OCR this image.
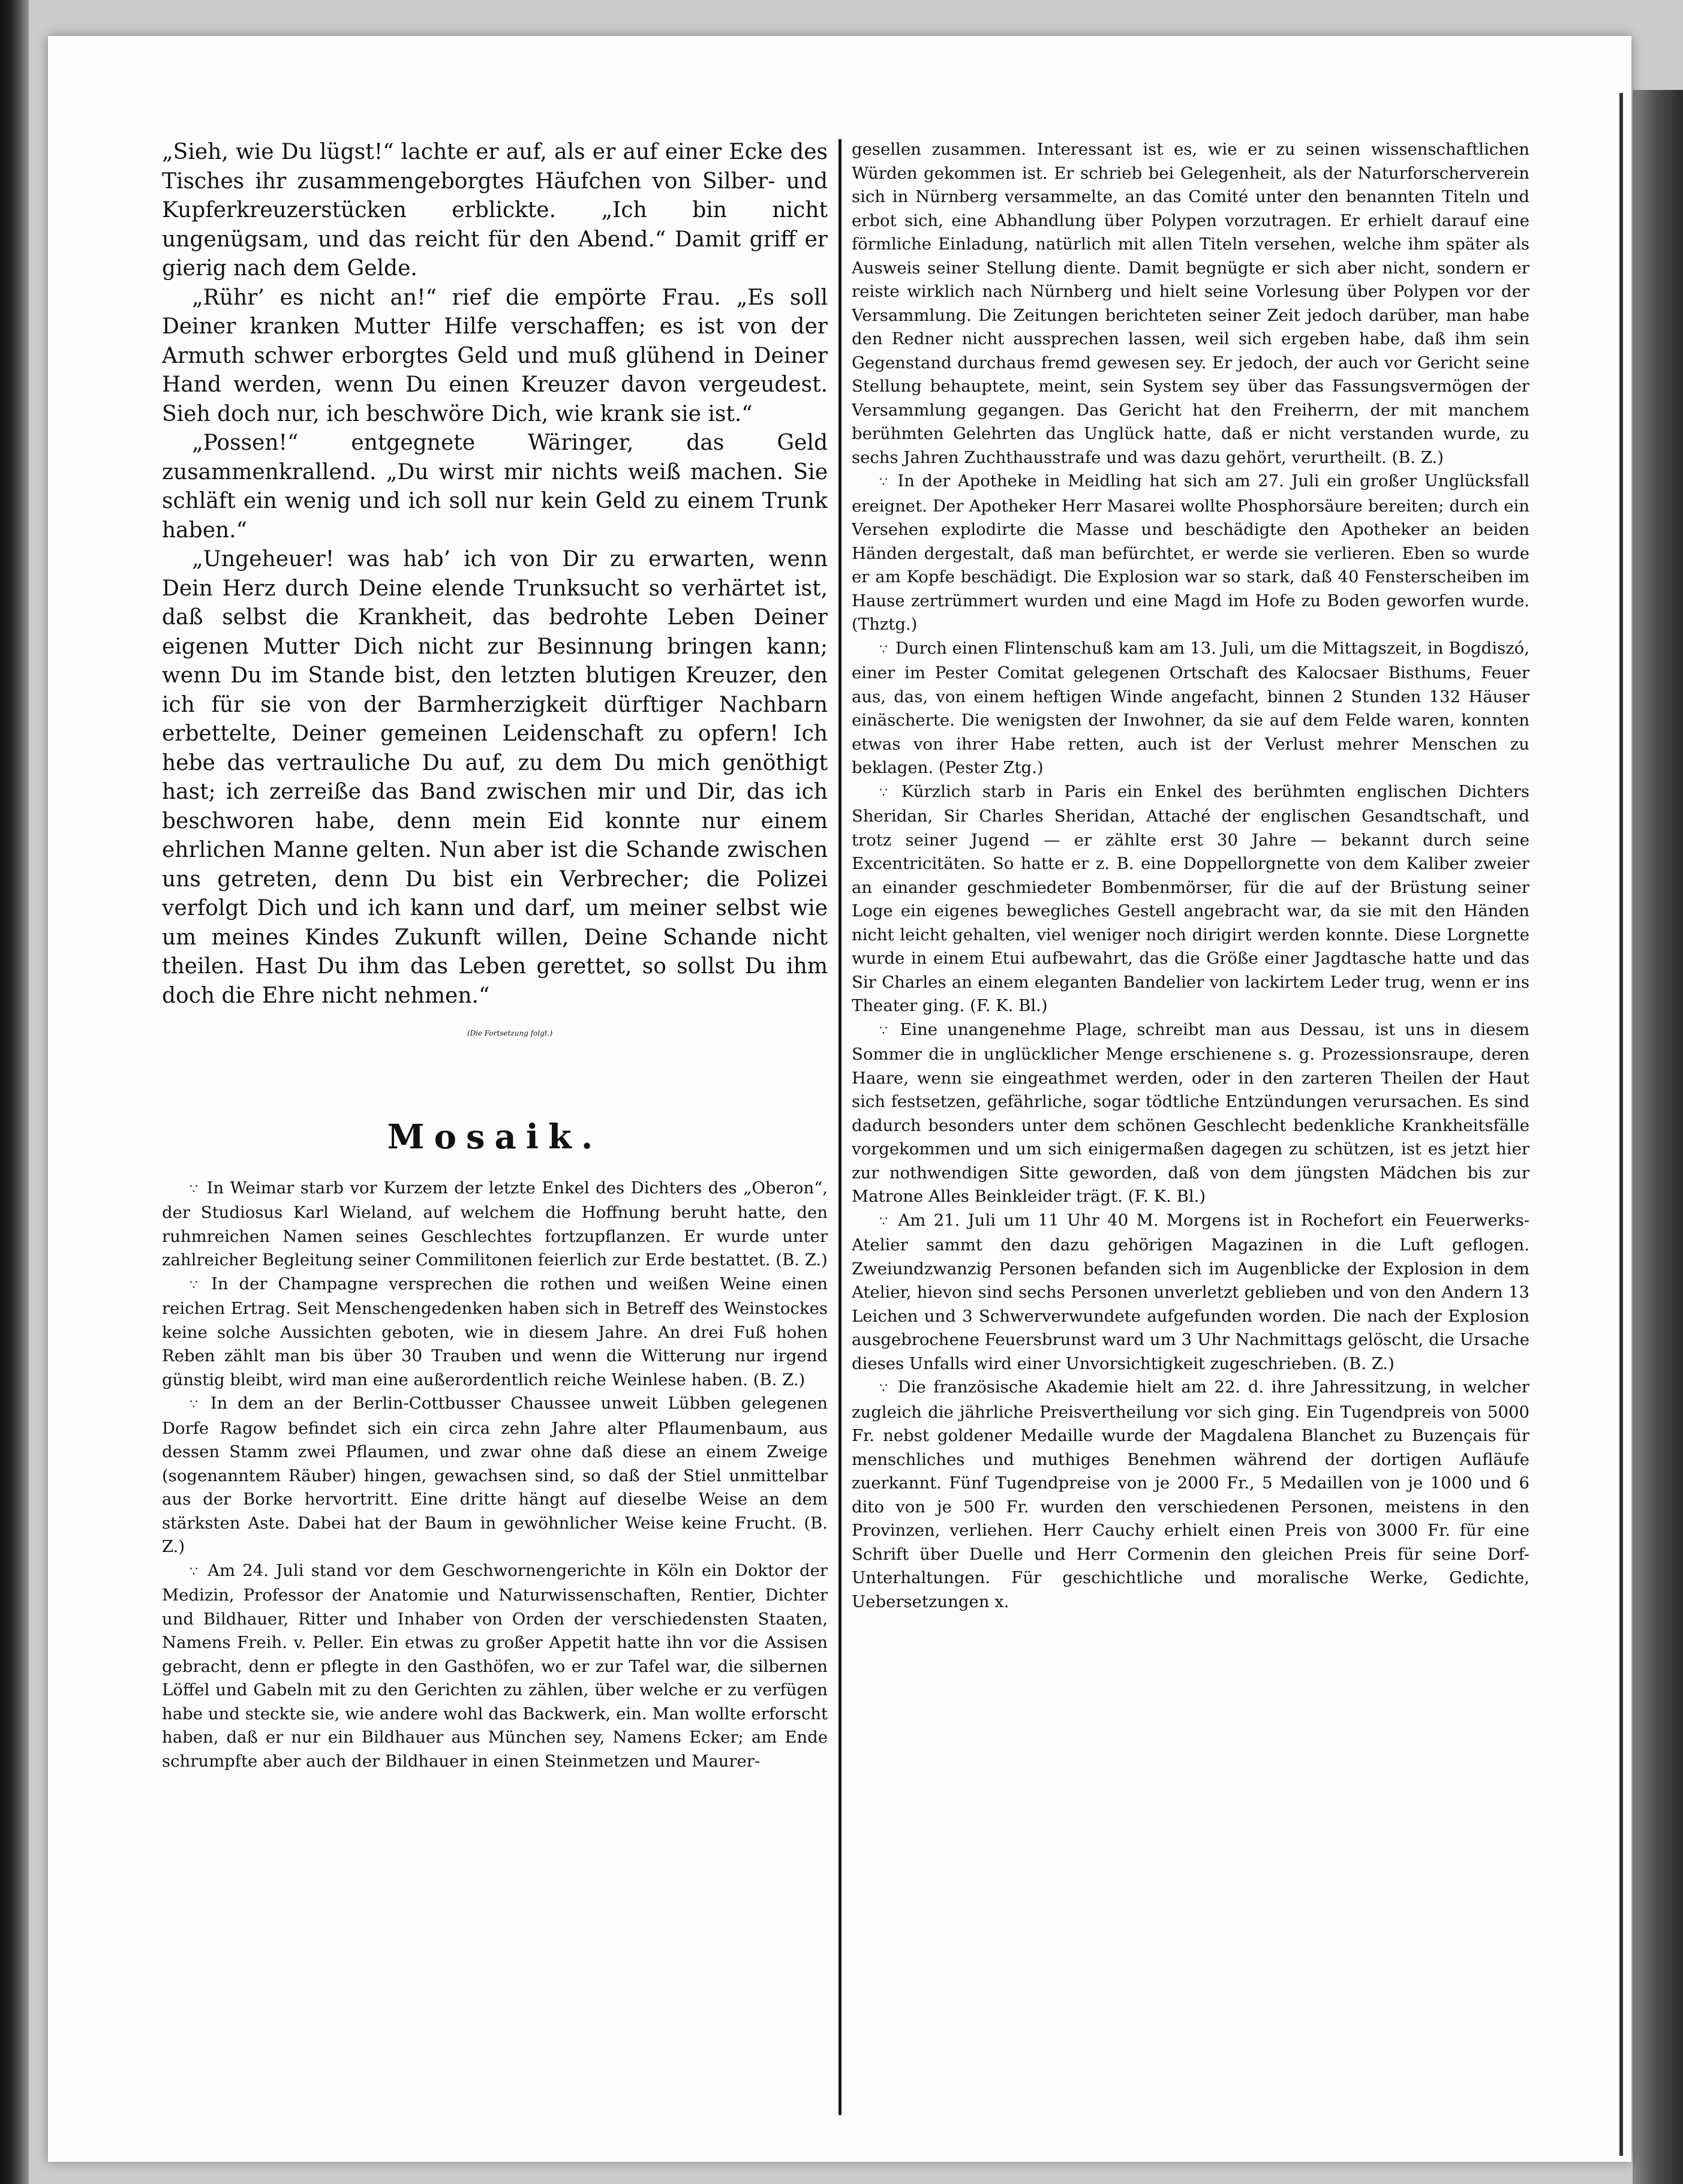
„Sieh, wie Du lügst!“ lachte er auf, als er auf einer Ecke des Tisches ihr zusammengeborgtes Häufchen von Silber- und Kupferkreuzerstücken erblickte. „Ich bin nicht ungenügsam, und das reicht für den Abend.“ Damit griff er gierig nach dem Gelde.

„Rühr’ es nicht an!“ rief die empörte Frau. „Es soll Deiner kranken Mutter Hilfe verschaffen; es ist von der Armuth schwer erborgtes Geld und muß glühend in Deiner Hand werden, wenn Du einen Kreuzer davon vergeudest. Sieh doch nur, ich beschwöre Dich, wie krank sie ist.“

„Possen!“ entgegnete Wäringer, das Geld zusammenkrallend. „Du wirst mir nichts weiß machen. Sie schläft ein wenig und ich soll nur kein Geld zu einem Trunk haben.“

„Ungeheuer! was hab’ ich von Dir zu erwarten, wenn Dein Herz durch Deine elende Trunksucht so verhärtet ist, daß selbst die Krankheit, das bedrohte Leben Deiner eigenen Mutter Dich nicht zur Besinnung bringen kann; wenn Du im Stande bist, den letzten blutigen Kreuzer, den ich für sie von der Barmherzigkeit dürftiger Nachbarn erbettelte, Deiner gemeinen Leidenschaft zu opfern! Ich hebe das vertrauliche Du auf, zu dem Du mich genöthigt hast; ich zerreiße das Band zwischen mir und Dir, das ich beschworen habe, denn mein Eid konnte nur einem ehrlichen Manne gelten. Nun aber ist die Schande zwischen uns getreten, denn Du bist ein Verbrecher; die Polizei verfolgt Dich und ich kann und darf, um meiner selbst wie um meines Kindes Zukunft willen, Deine Schande nicht theilen. Hast Du ihm das Leben gerettet, so sollst Du ihm doch die Ehre nicht nehmen.“

(Die Fortsetzung folgt.)

Mosaik.

∵ In Weimar starb vor Kurzem der letzte Enkel des Dichters des „Oberon“, der Studiosus Karl Wieland, auf welchem die Hoffnung beruht hatte, den ruhmreichen Namen seines Geschlechtes fortzupflanzen. Er wurde unter zahlreicher Begleitung seiner Commilitonen feierlich zur Erde bestattet. (B. Z.)

∵ In der Champagne versprechen die rothen und weißen Weine einen reichen Ertrag. Seit Menschengedenken haben sich in Betreff des Weinstockes keine solche Aussichten geboten, wie in diesem Jahre. An drei Fuß hohen Reben zählt man bis über 30 Trauben und wenn die Witterung nur irgend günstig bleibt, wird man eine außerordentlich reiche Weinlese haben. (B. Z.)

∵ In dem an der Berlin-Cottbusser Chaussee unweit Lübben gelegenen Dorfe Ragow befindet sich ein circa zehn Jahre alter Pflaumenbaum, aus dessen Stamm zwei Pflaumen, und zwar ohne daß diese an einem Zweige (sogenanntem Räuber) hingen, gewachsen sind, so daß der Stiel unmittelbar aus der Borke hervortritt. Eine dritte hängt auf dieselbe Weise an dem stärksten Aste. Dabei hat der Baum in gewöhnlicher Weise keine Frucht. (B. Z.)

∵ Am 24. Juli stand vor dem Geschwornengerichte in Köln ein Doktor der Medizin, Professor der Anatomie und Naturwissenschaften, Rentier, Dichter und Bildhauer, Ritter und Inhaber von Orden der verschiedensten Staaten, Namens Freih. v. Peller. Ein etwas zu großer Appetit hatte ihn vor die Assisen gebracht, denn er pflegte in den Gasthöfen, wo er zur Tafel war, die silbernen Löffel und Gabeln mit zu den Gerichten zu zählen, über welche er zu verfügen habe und steckte sie, wie andere wohl das Backwerk, ein. Man wollte erforscht haben, daß er nur ein Bildhauer aus München sey, Namens Ecker; am Ende schrumpfte aber auch der Bildhauer in einen Steinmetzen und Maurer-

gesellen zusammen. Interessant ist es, wie er zu seinen wissenschaftlichen Würden gekommen ist. Er schrieb bei Gelegenheit, als der Naturforscherverein sich in Nürnberg versammelte, an das Comité unter den benannten Titeln und erbot sich, eine Abhandlung über Polypen vorzutragen. Er erhielt darauf eine förmliche Einladung, natürlich mit allen Titeln versehen, welche ihm später als Ausweis seiner Stellung diente. Damit begnügte er sich aber nicht, sondern er reiste wirklich nach Nürnberg und hielt seine Vorlesung über Polypen vor der Versammlung. Die Zeitungen berichteten seiner Zeit jedoch darüber, man habe den Redner nicht aussprechen lassen, weil sich ergeben habe, daß ihm sein Gegenstand durchaus fremd gewesen sey. Er jedoch, der auch vor Gericht seine Stellung behauptete, meint, sein System sey über das Fassungsvermögen der Versammlung gegangen. Das Gericht hat den Freiherrn, der mit manchem berühmten Gelehrten das Unglück hatte, daß er nicht verstanden wurde, zu sechs Jahren Zuchthausstrafe und was dazu gehört, verurtheilt. (B. Z.)

∵ In der Apotheke in Meidling hat sich am 27. Juli ein großer Unglücksfall ereignet. Der Apotheker Herr Masarei wollte Phosphorsäure bereiten; durch ein Versehen explodirte die Masse und beschädigte den Apotheker an beiden Händen dergestalt, daß man befürchtet, er werde sie verlieren. Eben so wurde er am Kopfe beschädigt. Die Explosion war so stark, daß 40 Fensterscheiben im Hause zertrümmert wurden und eine Magd im Hofe zu Boden geworfen wurde. (Thztg.)

∵ Durch einen Flintenschuß kam am 13. Juli, um die Mittagszeit, in Bogdiszó, einer im Pester Comitat gelegenen Ortschaft des Kalocsaer Bisthums, Feuer aus, das, von einem heftigen Winde angefacht, binnen 2 Stunden 132 Häuser einäscherte. Die wenigsten der Inwohner, da sie auf dem Felde waren, konnten etwas von ihrer Habe retten, auch ist der Verlust mehrer Menschen zu beklagen. (Pester Ztg.)

∵ Kürzlich starb in Paris ein Enkel des berühmten englischen Dichters Sheridan, Sir Charles Sheridan, Attaché der englischen Gesandtschaft, und trotz seiner Jugend — er zählte erst 30 Jahre — bekannt durch seine Excentricitäten. So hatte er z. B. eine Doppellorgnette von dem Kaliber zweier an einander geschmiedeter Bombenmörser, für die auf der Brüstung seiner Loge ein eigenes bewegliches Gestell angebracht war, da sie mit den Händen nicht leicht gehalten, viel weniger noch dirigirt werden konnte. Diese Lorgnette wurde in einem Etui aufbewahrt, das die Größe einer Jagdtasche hatte und das Sir Charles an einem eleganten Bandelier von lackirtem Leder trug, wenn er ins Theater ging. (F. K. Bl.)

∵ Eine unangenehme Plage, schreibt man aus Dessau, ist uns in diesem Sommer die in unglücklicher Menge erschienene s. g. Prozessionsraupe, deren Haare, wenn sie eingeathmet werden, oder in den zarteren Theilen der Haut sich festsetzen, gefährliche, sogar tödtliche Entzündungen verursachen. Es sind dadurch besonders unter dem schönen Geschlecht bedenkliche Krankheitsfälle vorgekommen und um sich einigermaßen dagegen zu schützen, ist es jetzt hier zur nothwendigen Sitte geworden, daß von dem jüngsten Mädchen bis zur Matrone Alles Beinkleider trägt. (F. K. Bl.)

∵ Am 21. Juli um 11 Uhr 40 M. Morgens ist in Rochefort ein Feuerwerks-Atelier sammt den dazu gehörigen Magazinen in die Luft geflogen. Zweiundzwanzig Personen befanden sich im Augenblicke der Explosion in dem Atelier, hievon sind sechs Personen unverletzt geblieben und von den Andern 13 Leichen und 3 Schwerverwundete aufgefunden worden. Die nach der Explosion ausgebrochene Feuersbrunst ward um 3 Uhr Nachmittags gelöscht, die Ursache dieses Unfalls wird einer Unvorsichtigkeit zugeschrieben. (B. Z.)

∵ Die französische Akademie hielt am 22. d. ihre Jahressitzung, in welcher zugleich die jährliche Preisvertheilung vor sich ging. Ein Tugendpreis von 5000 Fr. nebst goldener Medaille wurde der Magdalena Blanchet zu Buzençais für menschliches und muthiges Benehmen während der dortigen Aufläufe zuerkannt. Fünf Tugendpreise von je 2000 Fr., 5 Medaillen von je 1000 und 6 dito von je 500 Fr. wurden den verschiedenen Personen, meistens in den Provinzen, verliehen. Herr Cauchy erhielt einen Preis von 3000 Fr. für eine Schrift über Duelle und Herr Cormenin den gleichen Preis für seine Dorf-Unterhaltungen. Für geschichtliche und moralische Werke, Gedichte, Uebersetzungen x.
